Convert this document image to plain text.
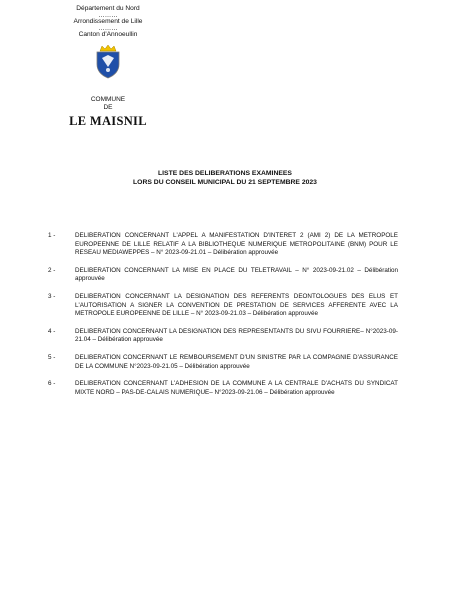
Département du Nord
………
Arrondissement de Lille
………
Canton d'Annoeullin
COMMUNE
DE
LE MAISNIL
LISTE DES DELIBERATIONS EXAMINEES
LORS DU CONSEIL MUNICIPAL DU 21 SEPTEMBRE 2023
1 -	DELIBERATION CONCERNANT L'APPEL A MANIFESTATION D'INTERET 2 (AMI 2) DE LA METROPOLE EUROPEENNE DE LILLE RELATIF A LA BIBLIOTHEQUE NUMERIQUE METROPOLITAINE (BNM) POUR LE RESEAU MEDIAWEPPES – N° 2023-09-21.01 – Délibération approuvée
2 -	DELIBERATION CONCERNANT LA MISE EN PLACE DU TELETRAVAIL – N° 2023-09-21.02 – Délibération approuvée
3 -	DELIBERATION CONCERNANT LA DESIGNATION DES REFERENTS DEONTOLOGUES DES ELUS ET L'AUTORISATION A SIGNER LA CONVENTION DE PRESTATION DE SERVICES AFFERENTE AVEC LA METROPOLE EUROPEENNE DE LILLE – N° 2023-09-21.03 – Délibération approuvée
4 -	DELIBERATION CONCERNANT LA DESIGNATION DES REPRESENTANTS DU SIVU FOURRIERE– N°2023-09-21.04 – Délibération approuvée
5 -	DELIBERATION CONCERNANT LE REMBOURSEMENT D'UN SINISTRE PAR LA COMPAGNIE D'ASSURANCE DE LA COMMUNE N°2023-09-21.05 – Délibération approuvée
6 -	DELIBERATION CONCERNANT L'ADHESION DE LA COMMUNE A LA CENTRALE D'ACHATS DU SYNDICAT MIXTE NORD – PAS-DE-CALAIS NUMERIQUE– N°2023-09-21.06 – Délibération approuvée
